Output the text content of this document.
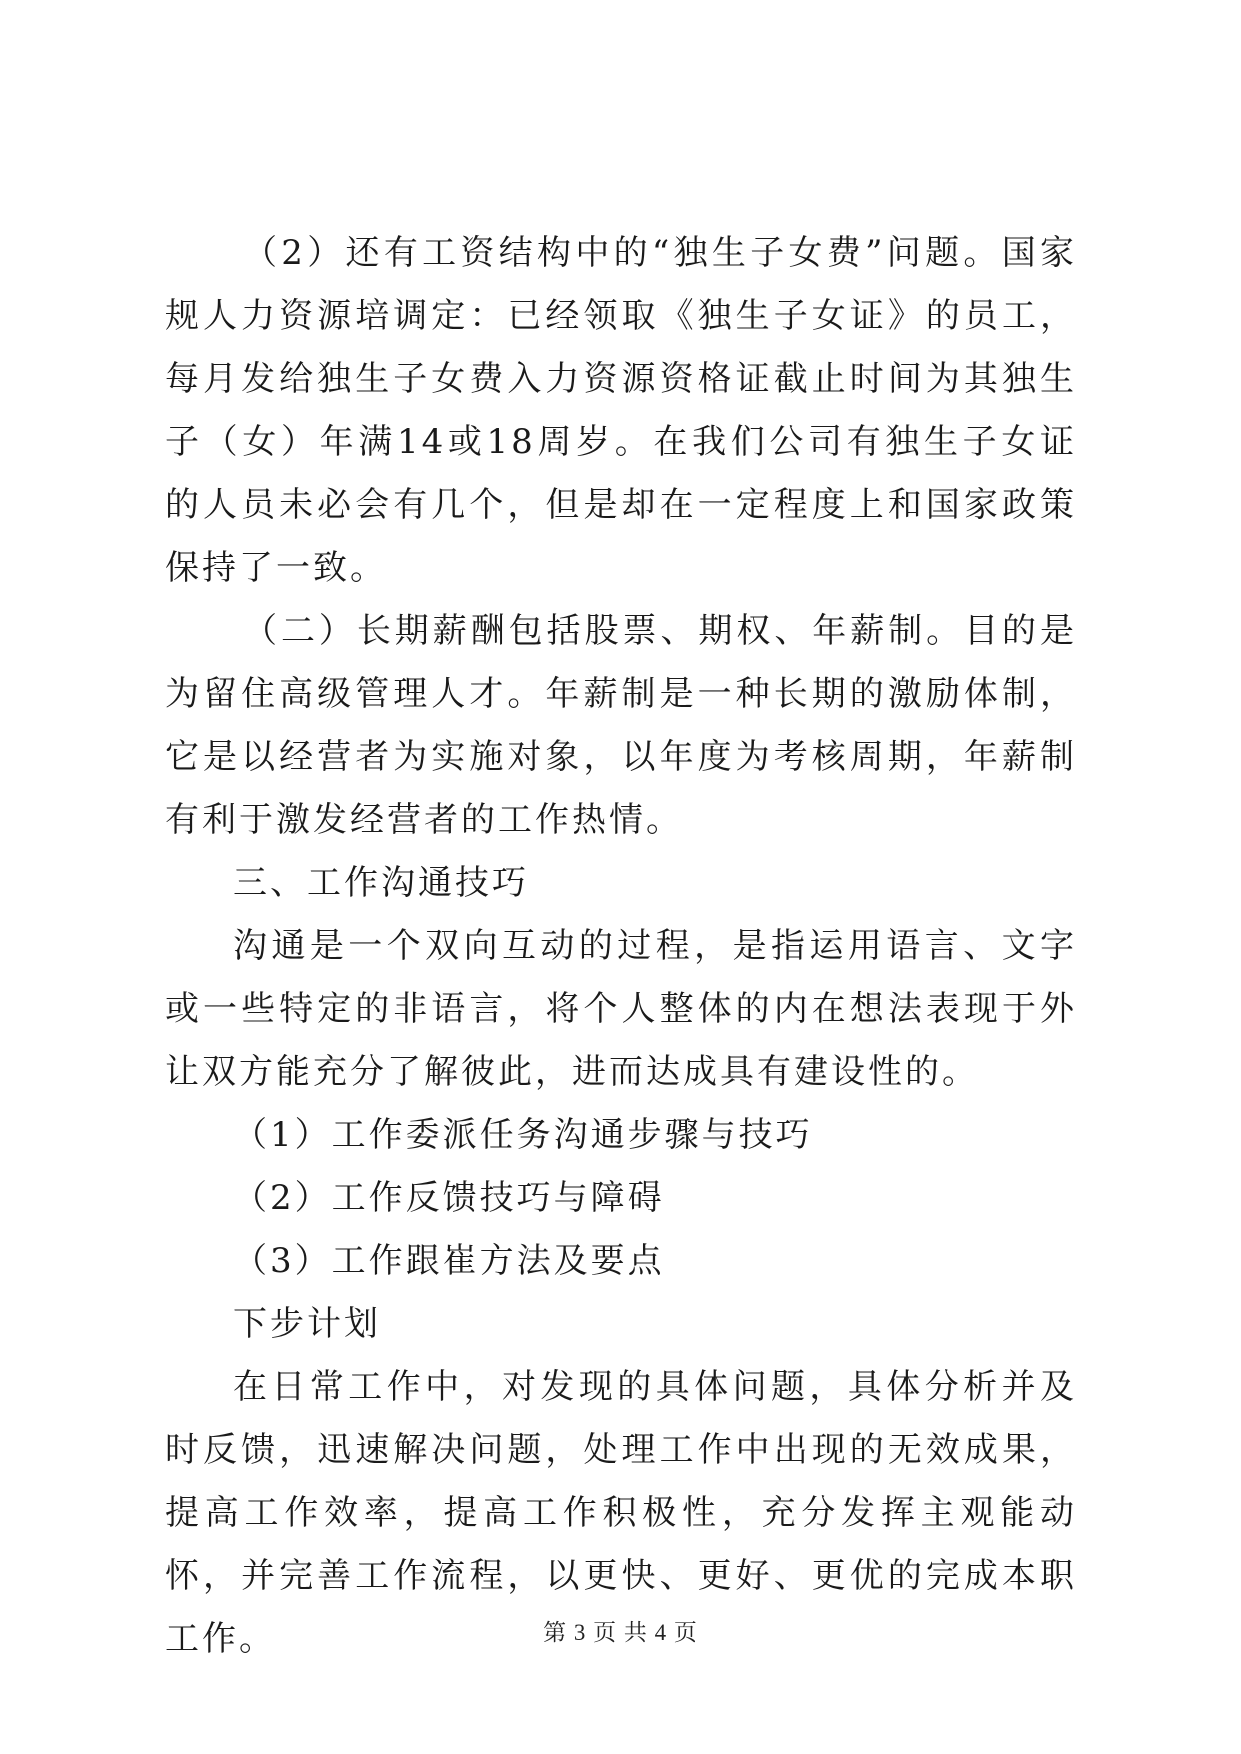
（2）还有工资结构中的“独生子女费”问题。国家规人力资源培调定：已经领取《独生子女证》的员工，每月发给独生子女费入力资源资格证截止时间为其独生子（女）年满14或18周岁。在我们公司有独生子女证的人员未必会有几个，但是却在一定程度上和国家政策保持了一致。

（二）长期薪酬包括股票、期权、年薪制。目的是为留住高级管理人才。年薪制是一种长期的激励体制，它是以经营者为实施对象，以年度为考核周期，年薪制有利于激发经营者的工作热情。

三、工作沟通技巧

沟通是一个双向互动的过程，是指运用语言、文字或一些特定的非语言，将个人整体的内在想法表现于外让双方能充分了解彼此，进而达成具有建设性的。

（1）工作委派任务沟通步骤与技巧

（2）工作反馈技巧与障碍

（3）工作跟崔方法及要点

下步计划

在日常工作中，对发现的具体问题，具体分析并及时反馈，迅速解决问题，处理工作中出现的无效成果，提高工作效率，提高工作积极性，充分发挥主观能动怀，并完善工作流程，以更快、更好、更优的完成本职工作。	第 3 页 共 4 页
